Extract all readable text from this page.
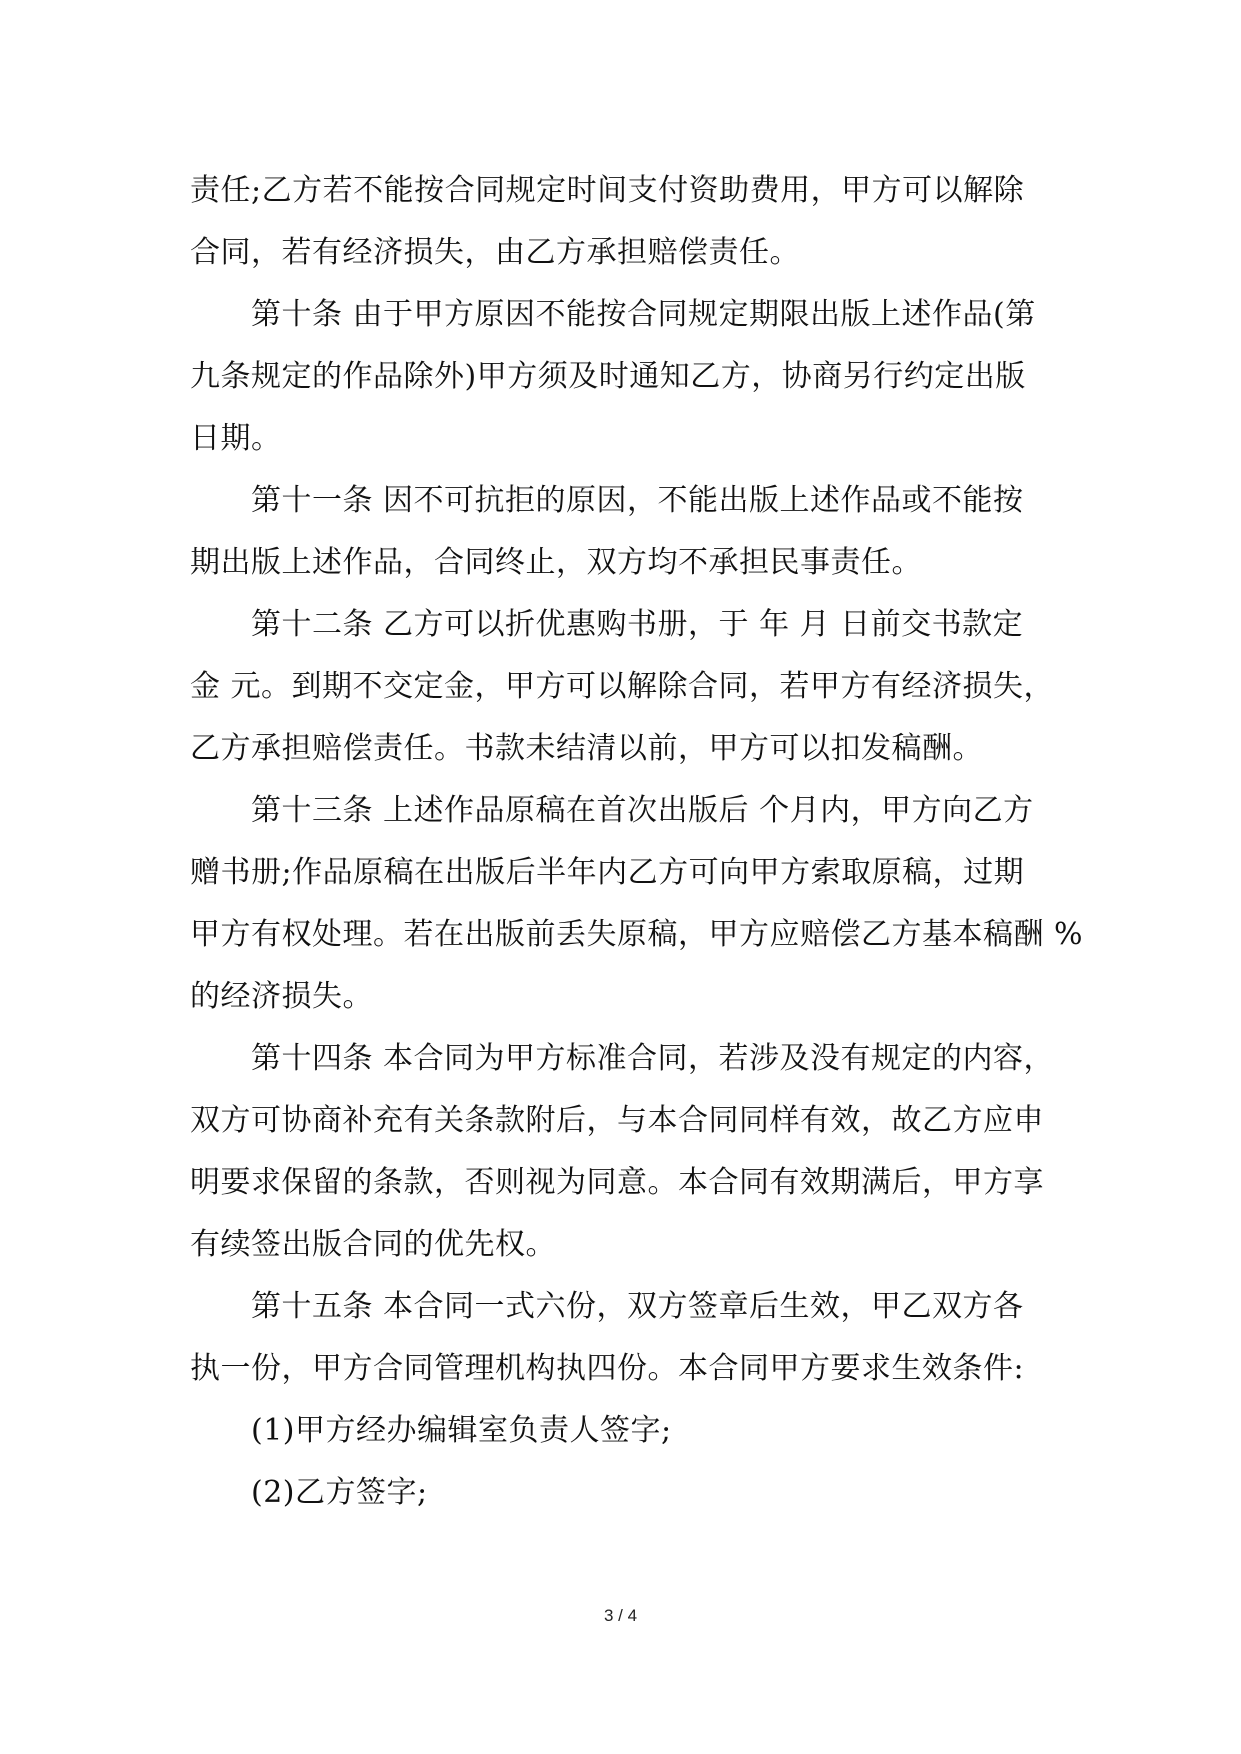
责任;乙方若不能按合同规定时间支付资助费用，甲方可以解除
合同，若有经济损失，由乙方承担赔偿责任。
第十条 由于甲方原因不能按合同规定期限出版上述作品(第
九条规定的作品除外)甲方须及时通知乙方，协商另行约定出版
日期。
第十一条 因不可抗拒的原因，不能出版上述作品或不能按
期出版上述作品，合同终止，双方均不承担民事责任。
第十二条 乙方可以折优惠购书册，于 年 月 日前交书款定
金 元。到期不交定金，甲方可以解除合同，若甲方有经济损失，
乙方承担赔偿责任。书款未结清以前，甲方可以扣发稿酬。
第十三条 上述作品原稿在首次出版后 个月内，甲方向乙方
赠书册;作品原稿在出版后半年内乙方可向甲方索取原稿，过期
甲方有权处理。若在出版前丢失原稿，甲方应赔偿乙方基本稿酬 %
的经济损失。
第十四条 本合同为甲方标准合同，若涉及没有规定的内容，
双方可协商补充有关条款附后，与本合同同样有效，故乙方应申
明要求保留的条款，否则视为同意。本合同有效期满后，甲方享
有续签出版合同的优先权。
第十五条 本合同一式六份，双方签章后生效，甲乙双方各
执一份，甲方合同管理机构执四份。本合同甲方要求生效条件:
(1)甲方经办编辑室负责人签字;
(2)乙方签字;
3 / 4
